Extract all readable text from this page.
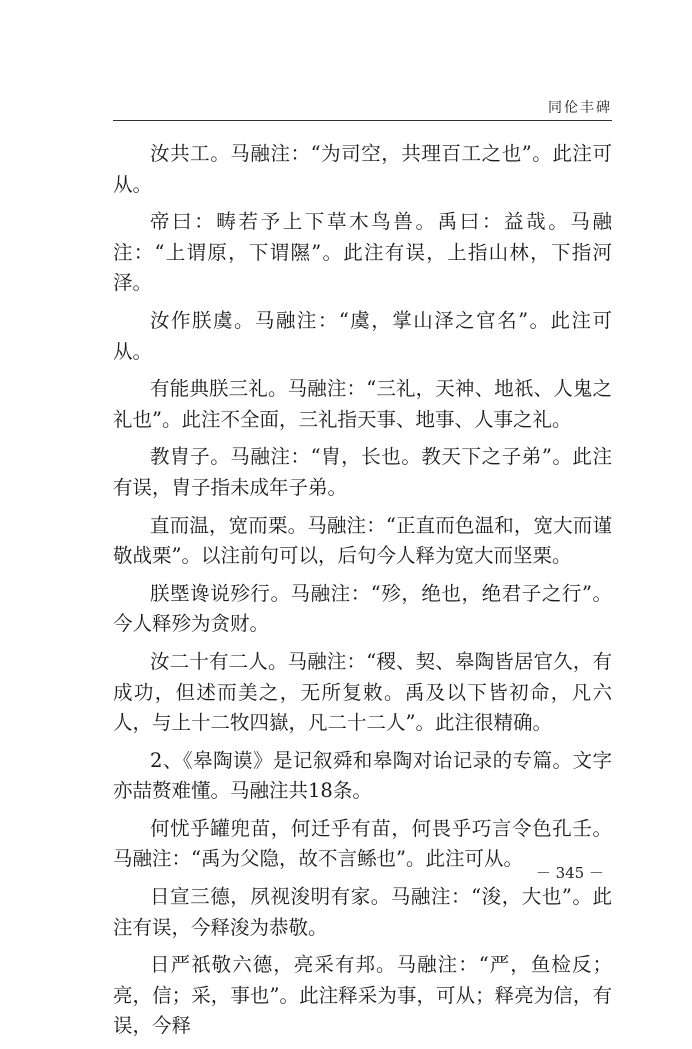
同伦丰碑

汝共工。马融注：“为司空，共理百工之也”。此注可从。

帝曰：畴若予上下草木鸟兽。禹曰：益哉。马融注：“上谓原，下谓隰”。此注有误，上指山林，下指河泽。

汝作朕虞。马融注：“虞，掌山泽之官名”。此注可从。

有能典朕三礼。马融注：“三礼，天神、地祇、人鬼之礼也”。此注不全面，三礼指天事、地事、人事之礼。

教胄子。马融注：“胄，长也。教天下之子弟”。此注有误，胄子指未成年子弟。

直而温，宽而栗。马融注：“正直而色温和，宽大而谨敬战栗”。以注前句可以，后句今人释为宽大而坚栗。

朕塈谗说殄行。马融注：“殄，绝也，绝君子之行”。今人释殄为贪财。

汝二十有二人。马融注：“稷、契、皋陶皆居官久，有成功，但述而美之，无所复敕。禹及以下皆初命，凡六人，与上十二牧四嶽，凡二十二人”。此注很精确。

2、《皋陶谟》是记叙舜和皋陶对诒记录的专篇。文字亦喆赘难懂。马融注共18条。

何忧乎罐兜苗，何迁乎有苗，何畏乎巧言令色孔壬。马融注：“禹为父隐，故不言鲧也”。此注可从。

日宣三德，夙视浚明有家。马融注：“浚，大也”。此注有误，今释浚为恭敬。

日严祇敬六德，亮采有邦。马融注：“严，鱼检反；亮，信；采，事也”。此注释采为事，可从；释亮为信，有误，今释

－ 345 －
